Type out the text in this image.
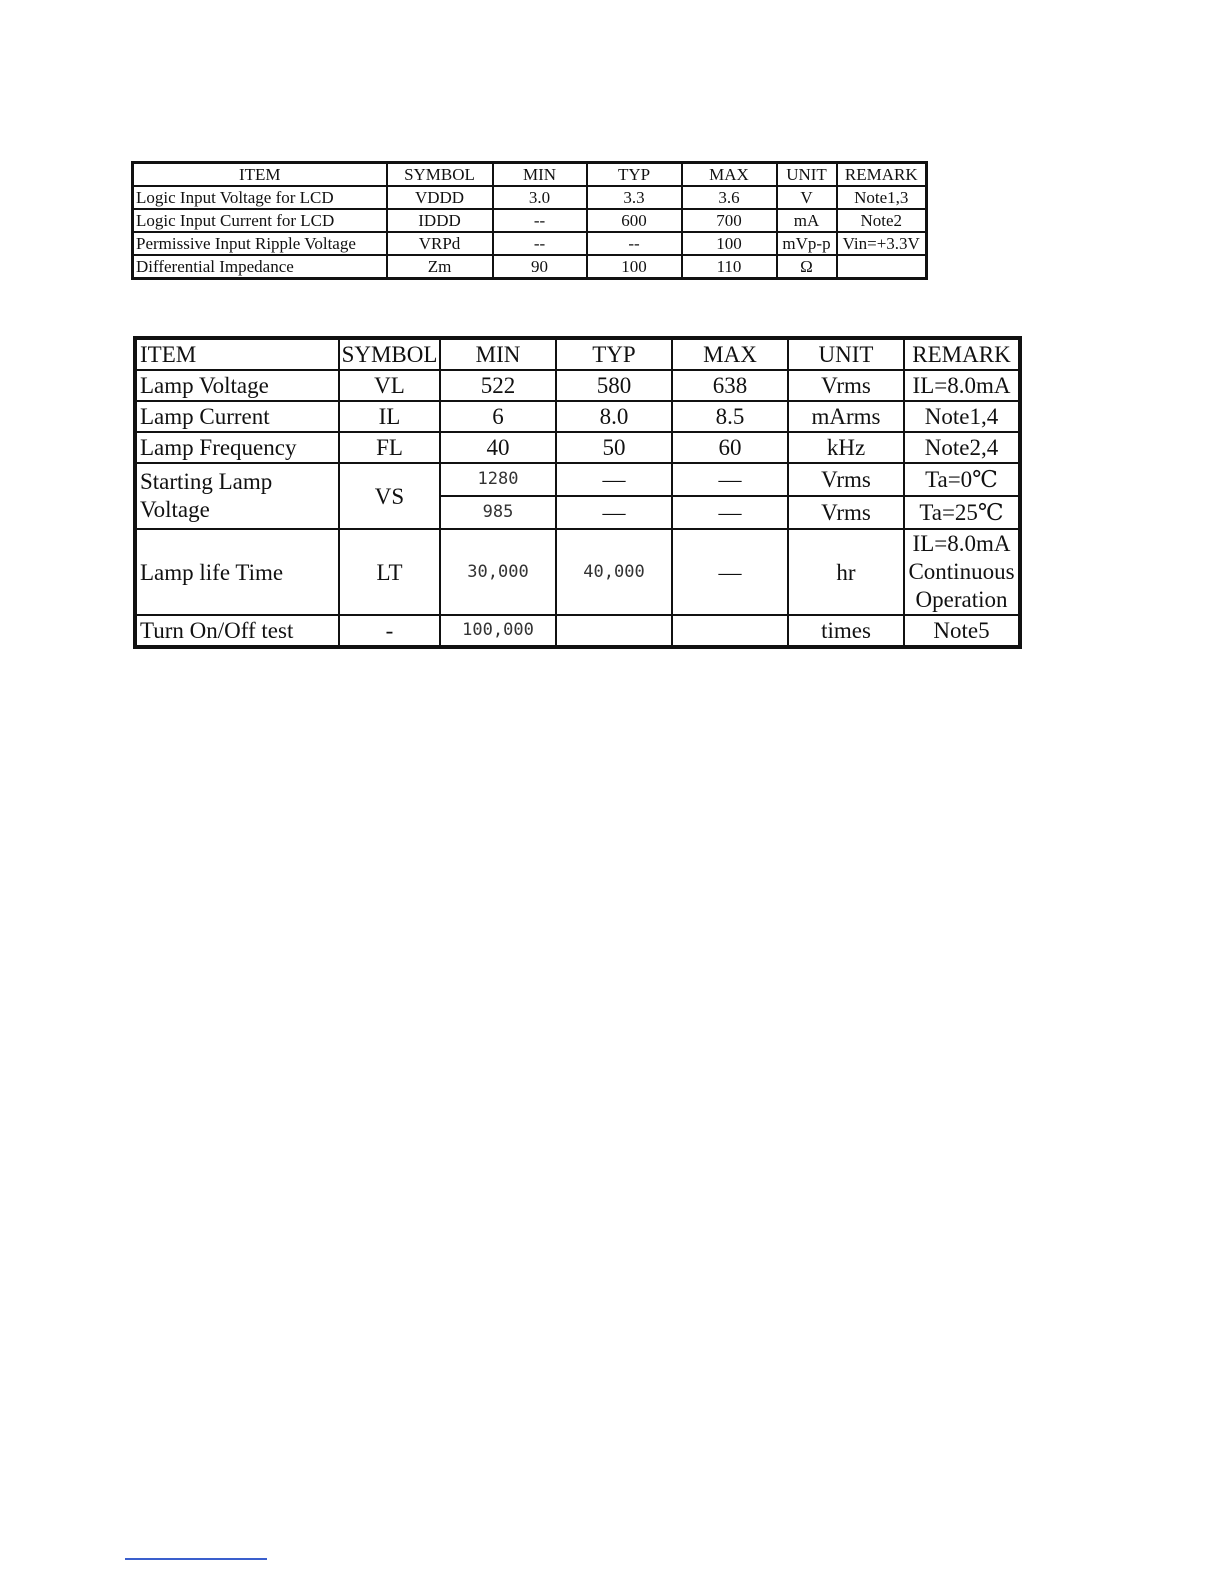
ITEM	SYMBOL	MIN	TYP	MAX	UNIT	REMARK
Logic Input Voltage for LCD	VDDD	3.0	3.3	3.6	V	Note1,3
Logic Input Current for LCD	IDDD	--	600	700	mA	Note2
Permissive Input Ripple Voltage	VRPd	--	--	100	mVp-p	Vin=+3.3V
Differential Impedance	Zm	90	100	110	Ω	
ITEM	SYMBOL	MIN	TYP	MAX	UNIT	REMARK
Lamp Voltage	VL	522	580	638	Vrms	IL=8.0mA
Lamp Current	IL	6	8.0	8.5	mArms	Note1,4
Lamp Frequency	FL	40	50	60	kHz	Note2,4
Starting Lamp Voltage	VS	1280	—	—	Vrms	Ta=0℃
		985	—	—	Vrms	Ta=25℃
Lamp life Time	LT	30,000	40,000	—	hr	IL=8.0mA Continuous Operation
Turn On/Off test	-	100,000			times	Note5
